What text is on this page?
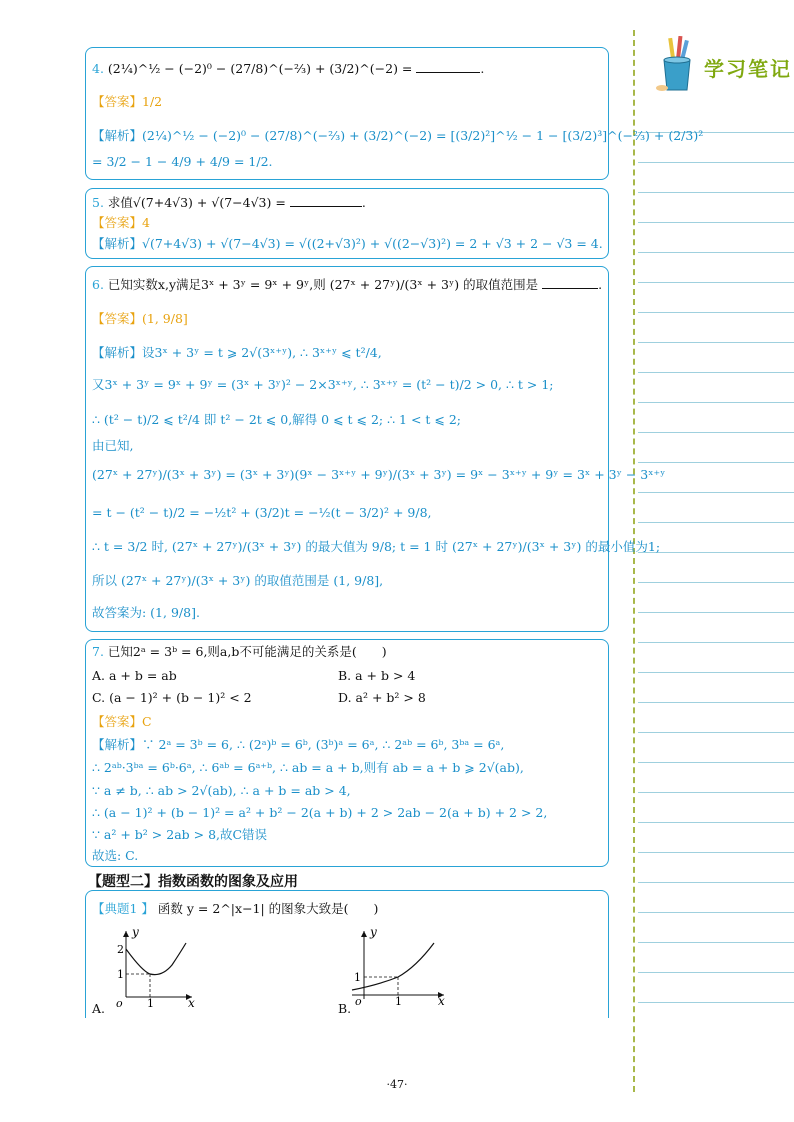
学习笔记
4. (2¼)^½ − (−2)⁰ − (27/8)^(−⅔) + (3/2)^(−2) =	.
【答案】1/2
【解析】(2¼)^½ − (−2)⁰ − (27/8)^(−⅔) + (3/2)^(−2) = [(3/2)²]^½ − 1 − [(3/2)³]^(−⅔) + (2/3)²
= 3/2 − 1 − 4/9 + 4/9 = 1/2.
5. 求值√(7+4√3) + √(7−4√3) =	.
【答案】4
【解析】√(7+4√3) + √(7−4√3) = √((2+√3)²) + √((2−√3)²) = 2 + √3 + 2 − √3 = 4.
6. 已知实数x,y满足3ˣ + 3ʸ = 9ˣ + 9ʸ,则 (27ˣ + 27ʸ)/(3ˣ + 3ʸ) 的取值范围是	.
【答案】(1, 9/8]
【解析】设3ˣ + 3ʸ = t ⩾ 2√(3ˣ⁺ʸ), ∴ 3ˣ⁺ʸ ⩽ t²/4,
又3ˣ + 3ʸ = 9ˣ + 9ʸ = (3ˣ + 3ʸ)² − 2×3ˣ⁺ʸ, ∴ 3ˣ⁺ʸ = (t² − t)/2 > 0, ∴ t > 1;
∴ (t² − t)/2 ⩽ t²/4 即 t² − 2t ⩽ 0,解得 0 ⩽ t ⩽ 2; ∴ 1 < t ⩽ 2;
由已知,
(27ˣ + 27ʸ)/(3ˣ + 3ʸ) = (3ˣ + 3ʸ)(9ˣ − 3ˣ⁺ʸ + 9ʸ)/(3ˣ + 3ʸ) = 9ˣ − 3ˣ⁺ʸ + 9ʸ = 3ˣ + 3ʸ − 3ˣ⁺ʸ
= t − (t² − t)/2 = −½t² + (3/2)t = −½(t − 3/2)² + 9/8,
∴ t = 3/2 时, (27ˣ + 27ʸ)/(3ˣ + 3ʸ) 的最大值为 9/8; t = 1 时 (27ˣ + 27ʸ)/(3ˣ + 3ʸ) 的最小值为1;
所以 (27ˣ + 27ʸ)/(3ˣ + 3ʸ) 的取值范围是 (1, 9/8],
故答案为: (1, 9/8].
7. 已知2ᵃ = 3ᵇ = 6,则a,b不可能满足的关系是(　　)
A. a + b = ab	B. a + b > 4
C. (a − 1)² + (b − 1)² < 2	D. a² + b² > 8
【答案】C
【解析】∵ 2ᵃ = 3ᵇ = 6, ∴ (2ᵃ)ᵇ = 6ᵇ, (3ᵇ)ᵃ = 6ᵃ, ∴ 2ᵃᵇ = 6ᵇ, 3ᵇᵃ = 6ᵃ,
∴ 2ᵃᵇ·3ᵇᵃ = 6ᵇ·6ᵃ, ∴ 6ᵃᵇ = 6ᵃ⁺ᵇ, ∴ ab = a + b,则有 ab = a + b ⩾ 2√(ab),
∵ a ≠ b, ∴ ab > 2√(ab), ∴ a + b = ab > 4,
∴ (a − 1)² + (b − 1)² = a² + b² − 2(a + b) + 2 > 2ab − 2(a + b) + 2 > 2,
∵ a² + b² > 2ab > 8,故C错误
故选: C.
【题型二】指数函数的图象及应用
【典题1 】 函数 y = 2^|x−1| 的图象大致是(　　)
y
x
o
2
1
1
A.
y
x
o
1
1
B.
·47·
